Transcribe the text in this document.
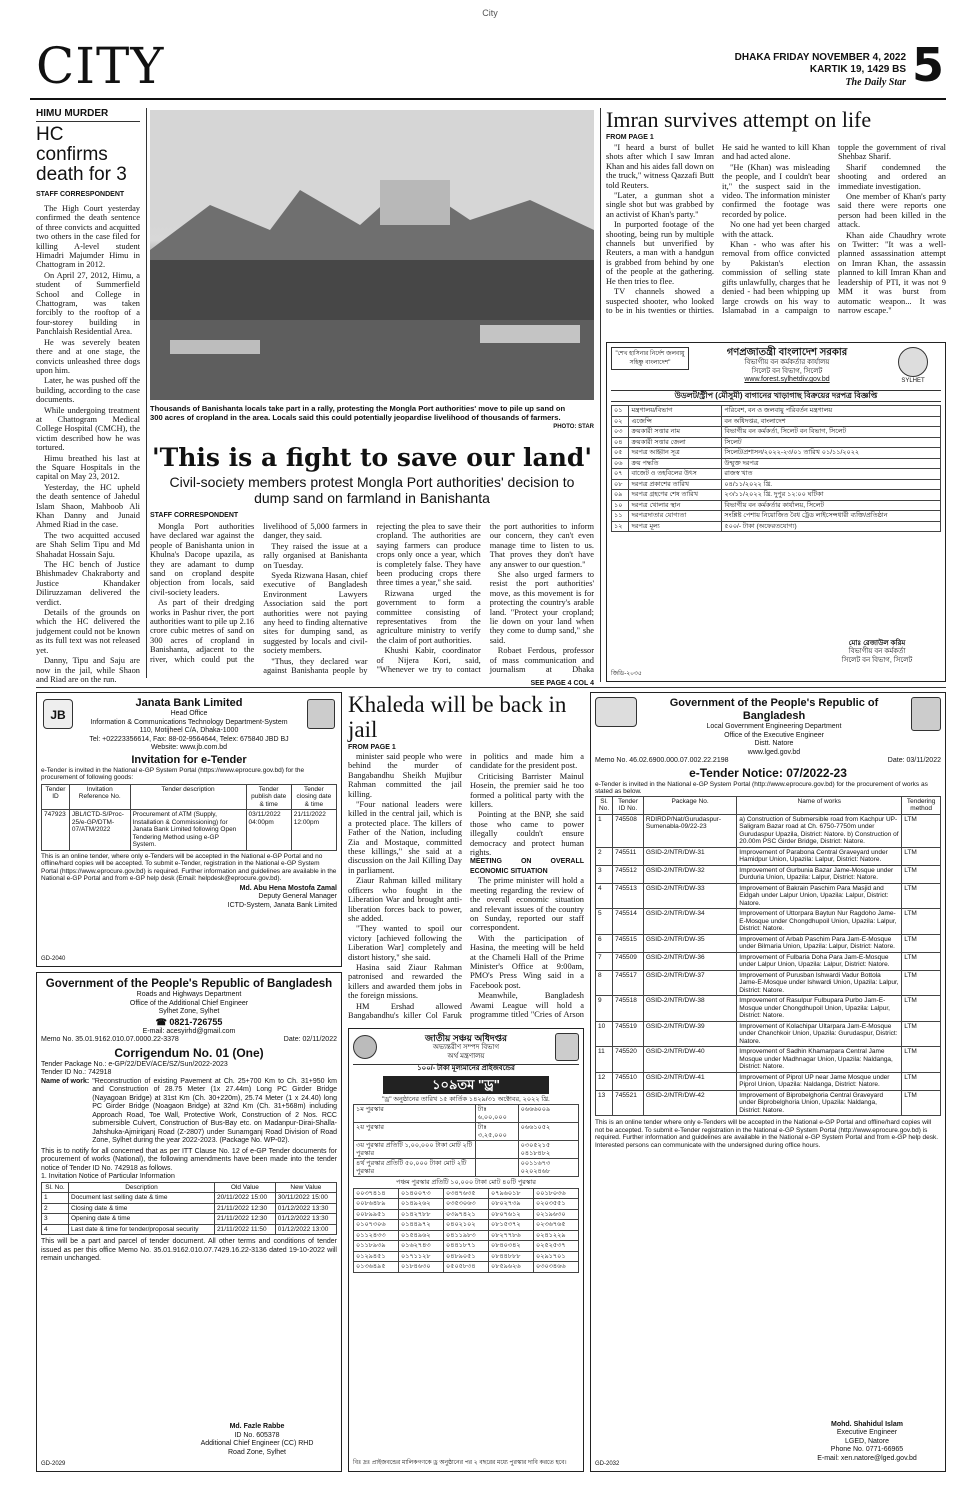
City
CITY	DHAKA FRIDAY NOVEMBER 4, 2022
KARTIK 19, 1429 BS
The Daily Star 5
HIMU MURDER
HC confirms death for 3
STAFF CORRESPONDENT

The High Court yesterday confirmed the death sentence of three convicts and acquitted two others in the case filed for killing A-level student Himadri Majumder Himu in Chattogram in 2012.

On April 27, 2012, Himu, a student of Summerfield School and College in Chattogram, was taken forcibly to the rooftop of a four-storey building in Panchlaish Residential Area.

He was severely beaten there and at one stage, the convicts unleashed three dogs upon him.

Later, he was pushed off the building, according to the case documents.

While undergoing treatment at Chattogram Medical College Hospital (CMCH), the victim described how he was tortured.

Himu breathed his last at the Square Hospitals in the capital on May 23, 2012.

Yesterday, the HC upheld the death sentence of Jahedul Islam Shaon, Mahboob Ali Khan Danny and Junaid Ahmed Riad in the case.

The two acquitted accused are Shah Selim Tipu and Md Shahadat Hossain Saju.

The HC bench of Justice Bhishmadev Chakraborty and Justice Khandaker Diliruzzaman delivered the verdict.

Details of the grounds on which the HC delivered the judgement could not be known as its full text was not released yet.

Danny, Tipu and Saju are now in the jail, while Shaon and Riad are on the run.

Thousands of Banishanta locals take part in a rally, protesting the Mongla Port authorities' move to pile up sand on 300 acres of cropland in the area. Locals said this could potentially jeopardise livelihood of thousands of farmers.
PHOTO: STAR
'This is a fight to save our land'
Civil-society members protest Mongla Port authorities' decision to dump sand on farmland in Banishanta
STAFF CORRESPONDENT

Mongla Port authorities have declared war against the people of Banishanta union in Khulna's Dacope upazila, as they are adamant to dump sand on cropland despite objection from locals, said civil-society leaders.

As part of their dredging works in Pashur river, the port authorities want to pile up 2.16 crore cubic metres of sand on 300 acres of cropland in Banishanta, adjacent to the river, which could put the livelihood of 5,000 farmers in danger, they said.

They raised the issue at a rally organised at Banishanta on Tuesday.

Syeda Rizwana Hasan, chief executive of Bangladesh Environment Lawyers Association said the port authorities were not paying any heed to finding alternative sites for dumping sand, as suggested by locals and civil-society members.

"Thus, they declared war against Banishanta people by rejecting the plea to save their cropland. The authorities are saying farmers can produce crops only once a year, which is completely false. They have been producing crops there three times a year," she said.

Rizwana urged the government to form a committee consisting of representatives from the agriculture ministry to verify the claim of port authorities.

Khushi Kabir, coordinator of Nijera Kori, said, "Whenever we try to contact the port authorities to inform our concern, they can't even manage time to listen to us. That proves they don't have any answer to our question."

She also urged farmers to resist the port authorities' move, as this movement is for protecting the country's arable land. "Protect your cropland; lie down on your land when they come to dump sand," she said.

Robaet Ferdous, professor of mass communication and journalism at Dhaka

SEE PAGE 4 COL 4
Imran survives attempt on life
FROM PAGE 1

"I heard a burst of bullet shots after which I saw Imran Khan and his aides fall down on the truck," witness Qazzafi Butt told Reuters.

"Later, a gunman shot a single shot but was grabbed by an activist of Khan's party."

In purported footage of the shooting, being run by multiple channels but unverified by Reuters, a man with a handgun is grabbed from behind by one of the people at the gathering. He then tries to flee.

TV channels showed a suspected shooter, who looked to be in his twenties or thirties. He said he wanted to kill Khan and had acted alone.

"He (Khan) was misleading the people, and I couldn't bear it," the suspect said in the video. The information minister confirmed the footage was recorded by police.

No one had yet been charged with the attack.

Khan - who was after his removal from office convicted by Pakistan's election commission of selling state gifts unlawfully, charges that he denied - had been whipping up large crowds on his way to Islamabad in a campaign to topple the government of rival Shehbaz Sharif.

Sharif condemned the shooting and ordered an immediate investigation.

One member of Khan's party said there were reports one person had been killed in the attack.

Khan aide Chaudhry wrote on Twitter: "It was a well-planned assassination attempt on Imran Khan, the assassin planned to kill Imran Khan and leadership of PTI, it was not 9 MM it was burst from automatic weapon... It was narrow escape."

"শেখ হাসিনার নির্দেশ জলবায়ু সহিষ্ণু বাংলাদেশ"
গণপ্রজাতন্ত্রী বাংলাদেশ সরকার
বিভাগীয় বন কর্মকর্তার কার্যালয়
সিলেট বন বিভাগ, সিলেট
www.forest.sylhetdiv.gov.bd	SYLHET
উডলট/স্ট্রীপ (মৌসুমী) বাগানের খাড়াগাছ বিক্রয়ের দরপত্র বিজ্ঞপ্তি
০১	মন্ত্রণালয়/বিভাগ	পরিবেশ, বন ও জলবায়ু পরিবর্তন মন্ত্রণালয়
০২	এজেন্সি	বন অধিদপ্তর, বাংলাদেশ
০৩	ক্রয়কারী সত্তার নাম	বিভাগীয় বন কর্মকর্তা, সিলেট বন বিভাগ, সিলেট
০৪	ক্রয়কারী সত্তার জেলা	সিলেট
০৫	দরপত্র আহ্বান সূত্র	সিলেট/প্রশাসন/২০২২-২৩/০১ তারিখ ০১/১১/২০২২
০৬	ক্রয় পদ্ধতি	উন্মুক্ত দরপত্র
০৭	বাজেট ও তহবিলের উৎস	রাজস্ব খাত
০৮	দরপত্র প্রকাশের তারিখ	০৪/১১/২০২২ খ্রি.
০৯	দরপত্র গ্রহণের শেষ তারিখ	২৩/১১/২০২২ খ্রি. দুপুর ১২:০০ ঘটিকা
১০	দরপত্র খোলার স্থান	বিভাগীয় বন কর্মকর্তার কার্যালয়, সিলেট
১১	দরপত্রদাতার যোগ্যতা	সংশ্লিষ্ট পেশায় নিয়োজিত বৈধ ট্রেড লাইসেন্সধারী ব্যক্তি/প্রতিষ্ঠান
১২	দরপত্র মূল্য	৫০০/- টাকা (অফেরতযোগ্য)
মোঃ রেজাউল করিম
বিভাগীয় বন কর্মকর্তা
সিলেট বন বিভাগ, সিলেট
জিডি-২০৩৫
JB
Janata Bank Limited
Head Office
Information & Communications Technology Department-System
110, Motijheel C/A, Dhaka-1000
Tel: +02223356614, Fax: 88-02-9564644, Telex: 675840 JBD BJ
Website: www.jb.com.bd
Invitation for e-Tender
e-Tender is invited in the National e-GP System Portal (https://www.eprocure.gov.bd) for the procurement of following goods:
Tender ID	Invitation Reference No.	Tender description	Tender publish date & time	Tender closing date & time
747923	JBL/ICTD-S/Proc-25/e-GP/DTM-07/ATM/2022	Procurement of ATM (Supply, Installation & Commissioning) for Janata Bank Limited following Open Tendering Method using e-GP System.	03/11/2022 04:00pm	21/11/2022 12:00pm
This is an online tender, where only e-Tenders will be accepted in the National e-GP Portal and no offline/hard copies will be accepted. To submit e-Tender, registration in the National e-GP System Portal (https://www.eprocure.gov.bd) is required. Further information and guidelines are available in the National e-GP Portal and from e-GP help desk (Email: helpdesk@eprocure.gov.bd).
Md. Abu Hena Mostofa Zamal
Deputy General Manager
ICTD-System, Janata Bank Limited
GD-2040
Government of the People's Republic of Bangladesh
Roads and Highways Department
Office of the Additional Chief Engineer
Sylhet Zone, Sylhet
☎ 0821-726755
E-mail: acesyirhd@gmail.com
Memo No. 35.01.9162.010.07.0000.22-3378	Date: 02/11/2022
Corrigendum No. 01 (One)
Tender Package No.: e-GP/22/DEV/ACE/SZ/Sun/2022-2023
Tender ID No.: 742918
Name of work: "Reconstruction of existing Pavement at Ch. 25+700 Km to Ch. 31+950 km and Construction of 28.75 Meter (1x 27.44m) Long PC Girder Bridge (Nayagoan Bridge) at 31st Km (Ch. 30+220m), 25.74 Meter (1 x 24.40) long PC Girder Bridge (Noagaon Bridge) at 32nd Km (Ch. 31+568m) including Approach Road, Toe Wall, Protective Work, Construction of 2 Nos. RCC submersible Culvert, Construction of Bus-Bay etc. on Madanpur-Dirai-Shalla-Jahshuka-Ajmiriganj Road (Z-2807) under Sunamganj Road Division of Road Zone, Sylhet during the year 2022-2023. (Package No. WP-02).
This is to notify for all concerned that as per ITT Clause No. 12 of e-GP Tender documents for procurement of works (National), the following amendments have been made into the tender notice of Tender ID No. 742918 as follows.
1. Invitation Notice of Particular Information
Sl. No.	Description	Old Value	New Value
1	Document last selling date & time	20/11/2022 15:00	30/11/2022 15:00
2	Closing date & time	21/11/2022 12:30	01/12/2022 13:30
3	Opening date & time	21/11/2022 12:30	01/12/2022 13:30
4	Last date & time for tender/proposal security	21/11/2022 11:50	01/12/2022 13:00
This will be a part and parcel of tender document. All other terms and conditions of tender issued as per this office Memo No. 35.01.9162.010.07.7429.16.22-3136 dated 19-10-2022 will remain unchanged.
Md. Fazle Rabbe
ID No. 605378
Additional Chief Engineer (CC) RHD
Road Zone, Sylhet
GD-2029
Khaleda will be back in jail
FROM PAGE 1

minister said people who were behind the murder of Bangabandhu Sheikh Mujibur Rahman committed the jail killing.

"Four national leaders were killed in the central jail, which is a protected place. The killers of Father of the Nation, including Zia and Mostaque, committed these killings," she said at a discussion on the Jail Killing Day in parliament.

Ziaur Rahman killed military officers who fought in the Liberation War and brought anti-liberation forces back to power, she added.

"They wanted to spoil our victory [achieved following the Liberation War] completely and distort history," she said.

Hasina said Ziaur Rahman patronised and rewarded the killers and awarded them jobs in the foreign missions.

HM Ershad allowed Bangabandhu's killer Col Faruk in politics and made him a candidate for the president post.

Criticising Barrister Mainul Hosein, the premier said he too formed a political party with the killers.

Pointing at the BNP, she said those who came to power illegally couldn't ensure democracy and protect human rights.

MEETING ON OVERALL ECONOMIC SITUATION

The prime minister will hold a meeting regarding the review of the overall economic situation and relevant issues of the country on Sunday, reported our staff correspondent.

With the participation of Hasina, the meeting will be held at the Chameli Hall of the Prime Minister's Office at 9:00am, PMO's Press Wing said in a Facebook post.

Meanwhile, Bangladesh Awami League will hold a programme titled "Cries of Arson

জাতীয় সঞ্চয় অধিদপ্তর
অভ্যন্তরীণ সম্পদ বিভাগ
অর্থ মন্ত্রণালয়
১০০/- টাকা মূল্যমানের প্রাইজবন্ডের
১০৯তম "ড্র"
"ড্র" অনুষ্ঠানের তারিখ ১৫ কার্তিক ১৪২৯/৩১ অক্টোবর, ২০২২ খ্রি.
১ম পুরস্কার	টাঃ ৬,০০,০০০	০৬৬৬০০৯
২য় পুরস্কার	টাঃ ৩,২৫,০০০	০৬৬১০৫২
৩য় পুরস্কার প্রতিটি ১,০০,০০০ টাকা মোট ২টি পুরস্কার		০৩০৫২১৫ ০৪১৮৪৮২
৪র্থ পুরস্কার প্রতিটি ৫০,০০০ টাকা মোট ২টি পুরস্কার		০০১১৬৭৩ ০২০২৪৬৮
পঞ্চম পুরস্কার প্রতিটি ১০,০০০ টাকা মোট ৪০টি পুরস্কার
০০৩৭৪১৪	০১৪০০৭৩	০৩৪৭৬৩৫	০৭৯৬০১৮	০০১৮০৩৬
০০৮৬৪৮৯	০১৪৯২৬২	০৩৫৩০৬৩	০৮০২৭৩৯	০২০৩৫৫১
০০৮৯৯৫১	০১৪২৭৮৮	০৩৯৭৪২১	০৮০৭৬১২	০২১৯৬৩০
০১০৭৩০৬	০১৪৪৯৭২	০৪০২১০২	০৮১৫৩৭২	০২৩৬৭৬৫
০১১২৪৩৩	০১৫৪৯৬২	০৪১১৯৮৩	০৮২৭৭৮৬	০২৪১২২৯
০১১৮৯৩৯	০১৬২৭৪৩	০৪৪১৮৭১	০৮৪০৩৪২	০২৫২৫৩৭
০১২৯৪৫১	০১৭১১২৮	০৪৮৯০৫১	০৮৪৪৮৮৮	০২৯১৭০১
০১৩৬৪৯৫	০১৮৪৬৩০	০৫০৫৮৩৪	০৮৫৯৬২৬	০৩০৩৪৬৬
বিঃ দ্রঃ প্রাইজবন্ডের মালিকগণকে ড্র অনুষ্ঠানের পর ২ বছরের মধ্যে পুরস্কার দাবি করতে হবে।
Government of the People's Republic of Bangladesh
Local Government Engineering Department
Office of the Executive Engineer
Distt. Natore
www.lged.gov.bd
Memo No. 46.02.6900.000.07.002.22.2198	Date: 03/11/2022
e-Tender Notice: 07/2022-23
e-Tender is invited in the National e-GP System Portal (http://www.eprocure.gov.bd) for the procurement of works as stated as below.
Sl. No.	Tender ID No.	Package No.	Name of works	Tendering method
1	745508	RDIRDP/Nat/Gurudaspur-Sumenabla-09/22-23	a) Construction of Submersible road from Kachpur UP-Saligram Bazar road at Ch. 6750-7750m under Gurudaspur Upazila, District: Natore. b) Construction of 20.00m PSC Girder Bridge, District: Natore.	LTM
2	745511	GSID-2/NTR/DW-31	Improvement of Parabona Central Graveyard under Hamidpur Union, Upazila: Lalpur, District: Natore.	LTM
3	745512	GSID-2/NTR/DW-32	Improvement of Gurbunia Bazar Jame-Mosque under Durduria Union, Upazila: Lalpur, District: Natore.	LTM
4	745513	GSID-2/NTR/DW-33	Improvement of Bakrain Paschim Para Masjid and Eidgah under Lalpur Union, Upazila: Lalpur, District: Natore.	LTM
5	745514	GSID-2/NTR/DW-34	Improvement of Uttorpara Baytun Nur Ragdoho Jame-E-Mosque under Chongdhupoil Union, Upazila: Lalpur, District: Natore.	LTM
6	745515	GSID-2/NTR/DW-35	Improvement of Arbab Paschim Para Jam-E-Mosque under Bilmaria Union, Upazila: Lalpur, District: Natore.	LTM
7	745509	GSID-2/NTR/DW-36	Improvement of Fulbaria Doha Para Jam-E-Mosque under Lalpur Union, Upazila: Lalpur, District: Natore.	LTM
8	745517	GSID-2/NTR/DW-37	Improvement of Purusban Ishwardi Vadur Bottola Jame-E-Mosque under Ishwardi Union, Upazila: Lalpur, District: Natore.	LTM
9	745518	GSID-2/NTR/DW-38	Improvement of Rasulpur Fulbupara Purbo Jam-E-Mosque under Chongdhupoil Union, Upazila: Lalpur, District: Natore.	LTM
10	745519	GSID-2/NTR/DW-39	Improvement of Kolachipar Ultarpara Jam-E-Mosque under Chanchkoir Union, Upazila: Gurudaspur, District: Natore.	LTM
11	745520	GSID-2/NTR/DW-40	Improvement of Sadhin Khamarpara Central Jame Mosque under Madhnagar Union, Upazila: Naldanga, District: Natore.	LTM
12	745510	GSID-2/NTR/DW-41	Improvement of Piprol UP near Jame Mosque under Piprol Union, Upazila: Naldanga, District: Natore.	LTM
13	745521	GSID-2/NTR/DW-42	Improvement of Biprobelghoria Central Graveyard under Biprobelghoria Union, Upazila: Naldanga, District: Natore.	LTM
This is an online tender where only e-Tenders will be accepted in the National e-GP Portal and offline/hard copies will not be accepted. To submit e-Tender registration in the National e-GP System Portal (http://www.eprocure.gov.bd) is required. Further information and guidelines are available in the National e-GP System Portal and from e-GP help desk. Interested persons can communicate with the undersigned during office hours.
Mohd. Shahidul Islam
Executive Engineer
LGED, Natore
Phone No. 0771-66965
E-mail: xen.natore@lged.gov.bd
GD-2032
